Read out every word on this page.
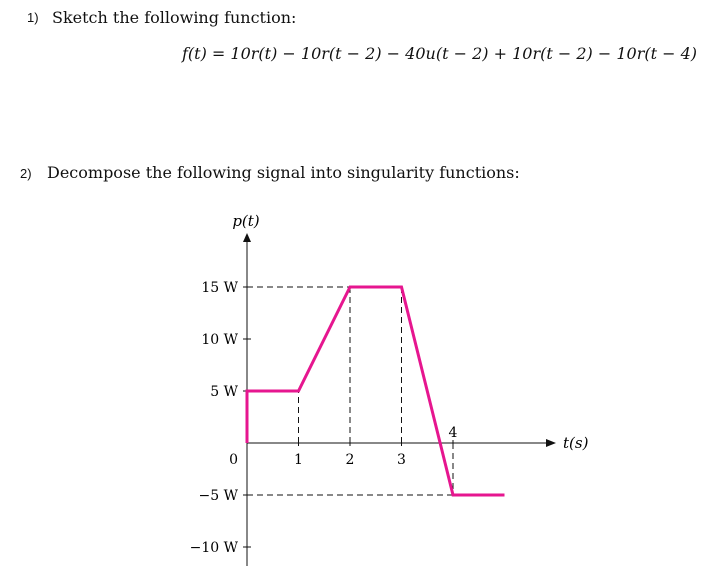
1) Sketch the following function:
f(t) = 10r(t) − 10r(t − 2) − 40u(t − 2) + 10r(t − 2) − 10r(t − 4)
2) Decompose the following signal into singularity functions:
15 W
10 W
5 W
0
−5 W
−10 W
1	2	3
4
p(t)
t(s)
